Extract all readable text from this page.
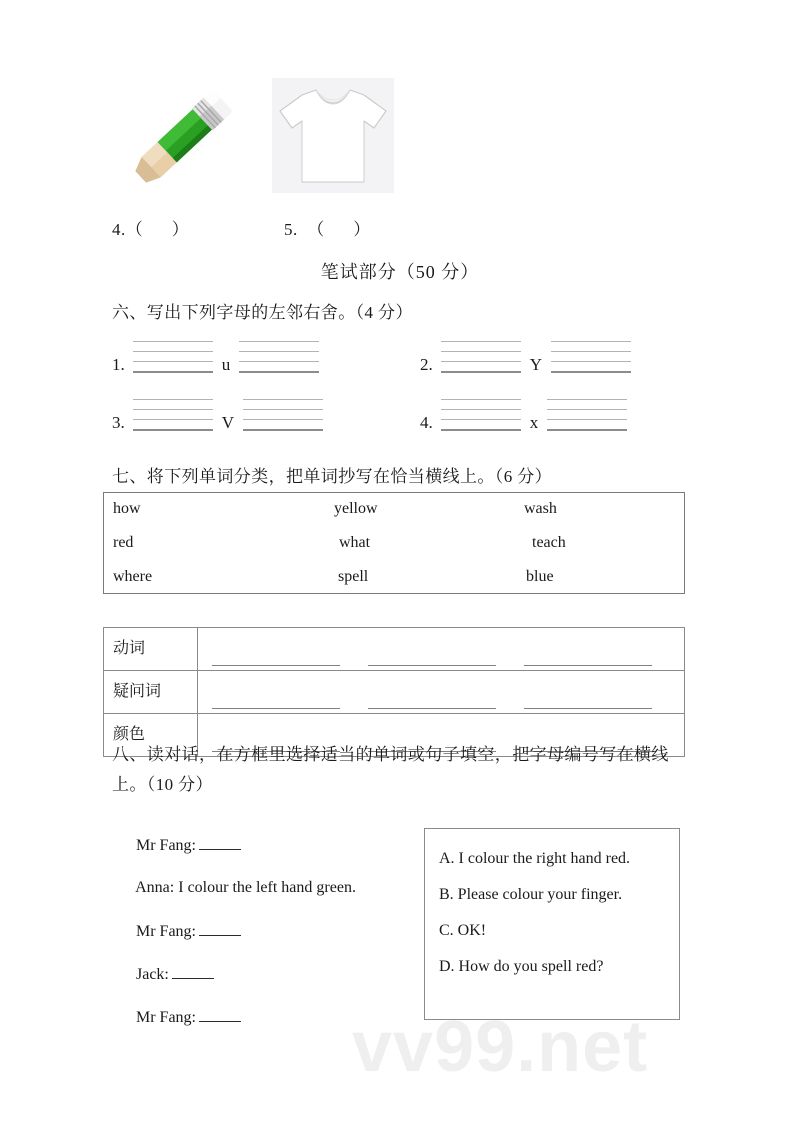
vv99.net
4.（      ）	5.  （      ）
笔试部分（50 分）
六、写出下列字母的左邻右舍。（4 分）
1.	u	2.	Y
3.	V	4.	x
七、将下列单词分类，把单词抄写在恰当横线上。（6 分）
how	yellow	wash
red	what	teach
where	spell	blue
动词	

疑问词	

颜色	
八、读对话，在方框里选择适当的单词或句子填空，把字母编号写在横线上。（10 分）

Mr Fang:

Anna: I colour the left hand green.

Mr Fang:

Jack:

Mr Fang:

A. I colour the right hand red.
B. Please colour your finger.
C. OK!
D. How do you spell red?
